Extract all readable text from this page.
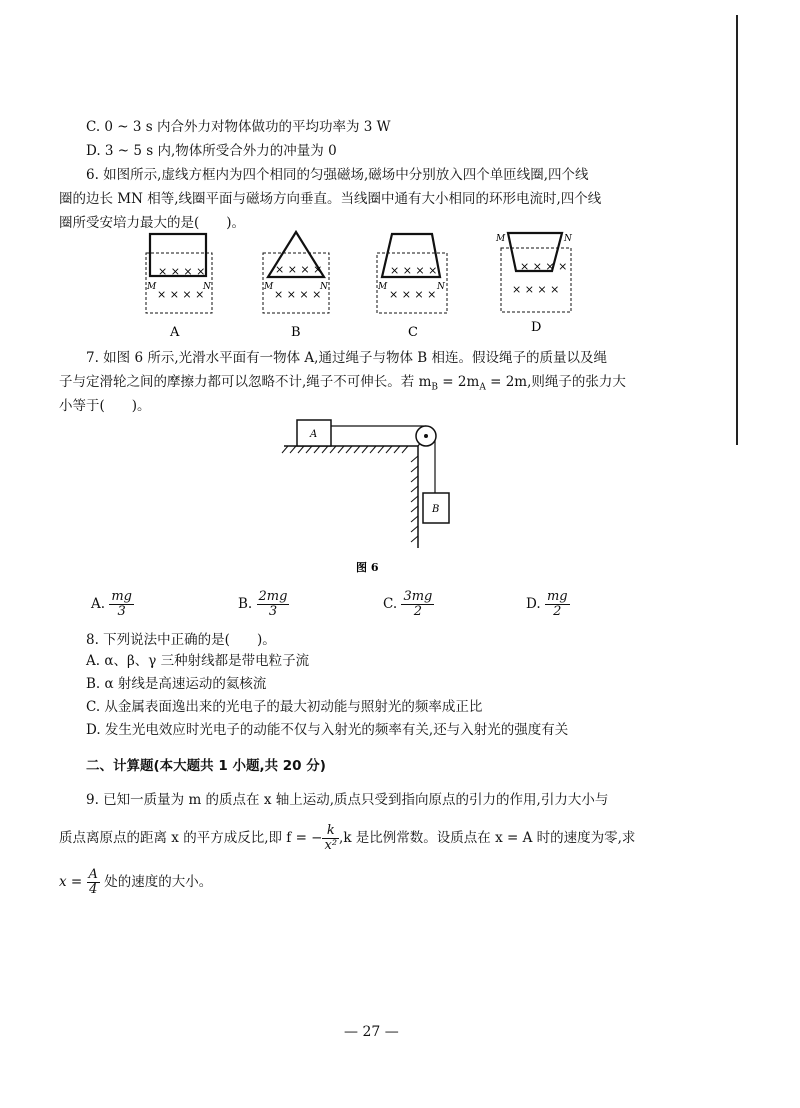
C. 0 ~ 3 s 内合外力对物体做功的平均功率为 3 W
D. 3 ~ 5 s 内,物体所受合外力的冲量为 0
6. 如图所示,虚线方框内为四个相同的匀强磁场,磁场中分别放入四个单匝线圈,四个线
圈的边长 MN 相等,线圈平面与磁场方向垂直。当线圈中通有大小相同的环形电流时,四个线
圈所受安培力最大的是(　　)。
× × × ×
× × × ×
M	N
A
× × × ×
× × × ×
M	N
B
× × × ×
× × × ×
M	N
C
× × × ×
× × × ×
M	N
D
7. 如图 6 所示,光滑水平面有一物体 A,通过绳子与物体 B 相连。假设绳子的质量以及绳
子与定滑轮之间的摩擦力都可以忽略不计,绳子不可伸长。若 $m_B = 2m_A = 2m$,则绳子的张力大
小等于(　　)。
A
B
图 6
A. $\frac{mg}{3}$	B. $\frac{2mg}{3}$	C. $\frac{3mg}{2}$	D. $\frac{mg}{2}$
8. 下列说法中正确的是(　　)。
A. α、β、γ 三种射线都是带电粒子流
B. α 射线是高速运动的氦核流
C. 从金属表面逸出来的光电子的最大初动能与照射光的频率成正比
D. 发生光电效应时光电子的动能不仅与入射光的频率有关,还与入射光的强度有关
二、计算题(本大题共 1 小题,共 20 分)
9. 已知一质量为 m 的质点在 x 轴上运动,质点只受到指向原点的引力的作用,引力大小与
质点离原点的距离 x 的平方成反比,即 f = − $\frac{k}{\text{x²}} ,k$ 是比例常数。设质点在 x = A 时的速度为零,求
$x = \frac{A}{4}$ 处的速度的大小。
— 27 —
